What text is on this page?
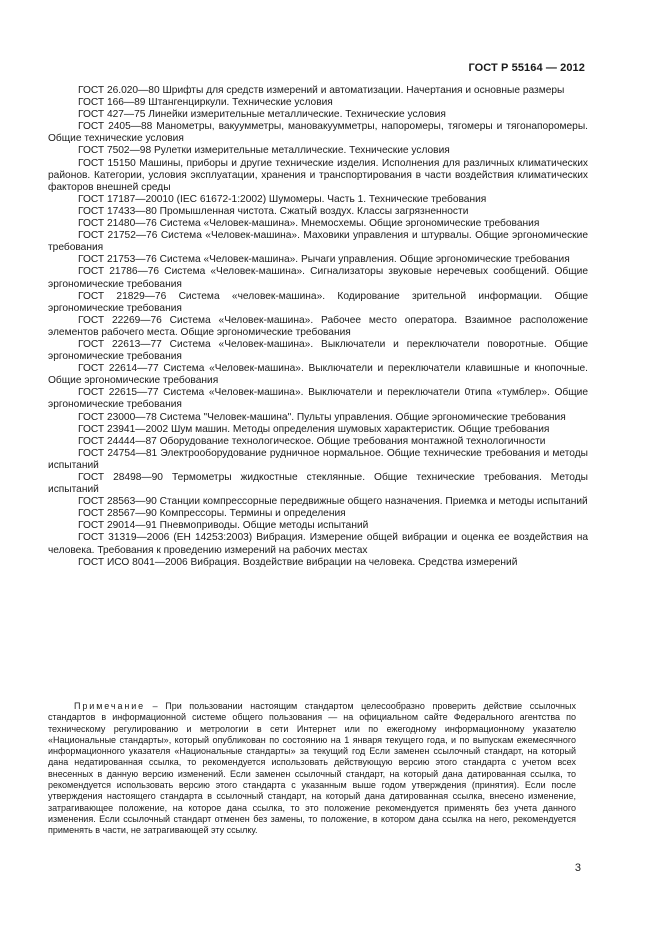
ГОСТ Р 55164 — 2012

ГОСТ 26.020—80 Шрифты для средств измерений и автоматизации. Начертания и основные размеры

ГОСТ 166—89 Штангенциркули. Технические условия

ГОСТ 427—75 Линейки измерительные металлические. Технические условия

ГОСТ 2405—88 Манометры, вакуумметры, мановакуумметры, напоромеры, тягомеры и тягонапоромеры. Общие технические условия

ГОСТ 7502—98 Рулетки измерительные металлические. Технические условия

ГОСТ 15150 Машины, приборы и другие технические изделия. Исполнения для различных климатических районов. Категории, условия эксплуатации, хранения и транспортирования в части воздействия климатических факторов внешней среды

ГОСТ 17187—20010 (IEC 61672-1:2002) Шумомеры. Часть 1. Технические требования

ГОСТ 17433—80 Промышленная чистота. Сжатый воздух. Классы загрязненности

ГОСТ 21480—76 Система «Человек-машина». Мнемосхемы. Общие эргономические требования

ГОСТ 21752—76 Система «Человек-машина». Маховики управления и штурвалы. Общие эргономические требования

ГОСТ 21753—76 Система «Человек-машина». Рычаги управления. Общие эргономические требования

ГОСТ 21786—76 Система «Человек-машина». Сигнализаторы звуковые неречевых сообщений. Общие эргономические требования

ГОСТ 21829—76 Система «человек-машина». Кодирование зрительной информации. Общие эргономические требования

ГОСТ 22269—76 Система «Человек-машина». Рабочее место оператора. Взаимное расположение элементов рабочего места. Общие эргономические требования

ГОСТ 22613—77 Система «Человек-машина». Выключатели и переключатели поворотные. Общие эргономические требования

ГОСТ 22614—77 Система «Человек-машина». Выключатели и переключатели клавишные и кнопочные. Общие эргономические требования

ГОСТ 22615—77 Система «Человек-машина». Выключатели и переключатели 0типа «тумблер». Общие эргономические требования

ГОСТ 23000—78 Система "Человек-машина". Пульты управления. Общие эргономические требования

ГОСТ 23941—2002 Шум машин. Методы определения шумовых характеристик. Общие требования

ГОСТ 24444—87 Оборудование технологическое. Общие требования монтажной технологичности

ГОСТ 24754—81 Электрооборудование рудничное нормальное. Общие технические требования и методы испытаний

ГОСТ 28498—90 Термометры жидкостные стеклянные. Общие технические требования. Методы испытаний

ГОСТ 28563—90 Станции компрессорные передвижные общего назначения. Приемка и методы испытаний

ГОСТ 28567—90 Компрессоры. Термины и определения

ГОСТ 29014—91 Пневмоприводы. Общие методы испытаний

ГОСТ 31319—2006 (ЕН 14253:2003) Вибрация. Измерение общей вибрации и оценка ее воздействия на человека. Требования к проведению измерений на рабочих местах

ГОСТ ИСО 8041—2006 Вибрация. Воздействие вибрации на человека. Средства измерений

Примечание – При пользовании настоящим стандартом целесообразно проверить действие ссылочных стандартов в информационной системе общего пользования — на официальном сайте Федерального агентства по техническому регулированию и метрологии в сети Интернет или по ежегодному информационному указателю «Национальные стандарты», который опубликован по состоянию на 1 января текущего года, и по выпускам ежемесячного информационного указателя «Национальные стандарты» за текущий год Если заменен ссылочный стандарт, на который дана недатированная ссылка, то рекомендуется использовать действующую версию этого стандарта с учетом всех внесенных в данную версию изменений. Если заменен ссылочный стандарт, на который дана датированная ссылка, то рекомендуется использовать версию этого стандарта с указанным выше годом утверждения (принятия). Если после утверждения настоящего стандарта в ссылочный стандарт, на который дана датированная ссылка, внесено изменение, затрагивающее положение, на которое дана ссылка, то это положение рекомендуется применять без учета данного изменения. Если ссылочный стандарт отменен без замены, то положение, в котором дана ссылка на него, рекомендуется применять в части, не затрагивающей эту ссылку.
3
